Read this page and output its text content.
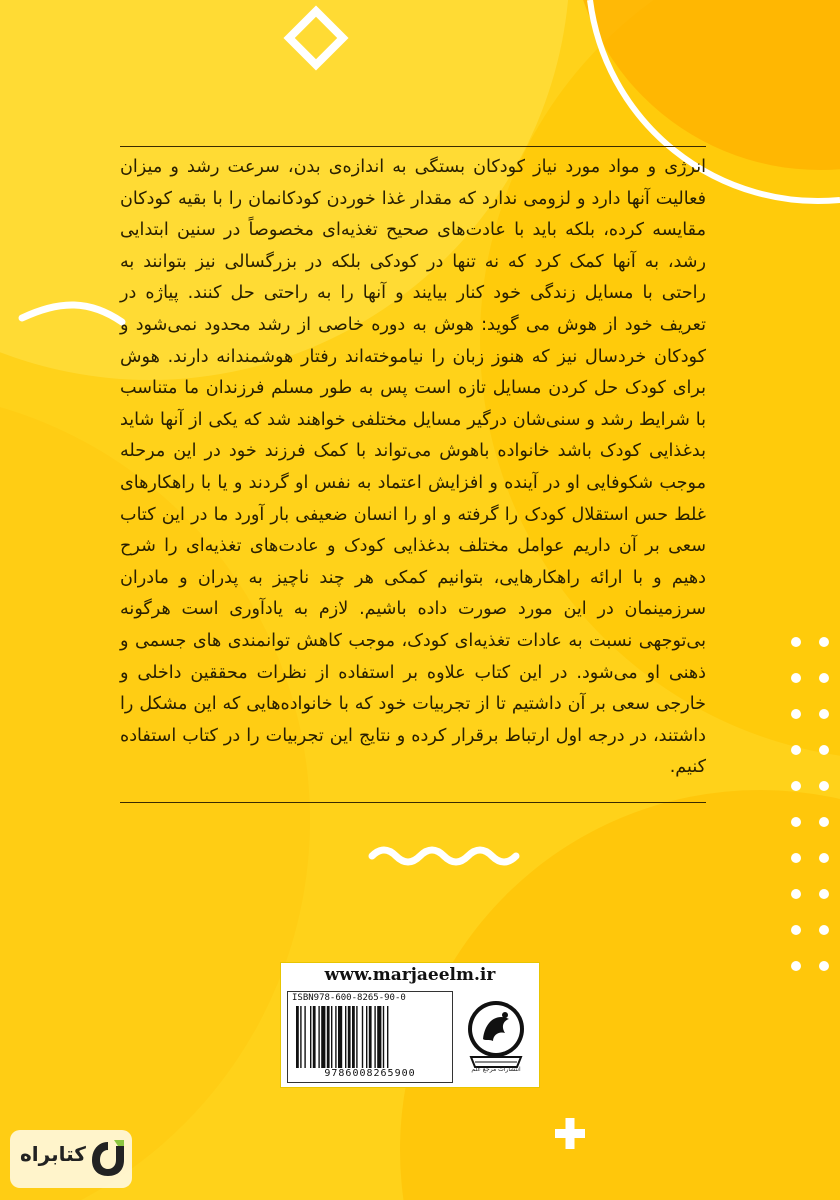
انرژی و مواد مورد نیاز کودکان بستگی به اندازه‌ی بدن، سرعت رشد و میزان فعالیت آنها دارد و لزومی ندارد که مقدار غذا خوردن کودکانمان را با بقیه کودکان مقایسه کرده، بلکه باید با عادت‌های صحیح تغذیه‌ای مخصوصاً در سنین ابتدایی رشد، به آنها کمک کرد که نه تنها در کودکی بلکه در بزرگسالی نیز بتوانند به راحتی با مسایل زندگی خود کنار بیایند و آنها را به راحتی حل کنند. پیاژه در تعریف خود از هوش می گوید: هوش به دوره خاصی از رشد محدود نمی‌شود و کودکان خردسال نیز که هنوز زبان را نیاموخته‌اند رفتار هوشمندانه دارند. هوش برای کودک حل کردن مسایل تازه است پس به طور مسلم فرزندان ما متناسب با شرایط رشد و سنی‌شان درگیر مسایل مختلفی خواهند شد که یکی از آنها شاید بدغذایی کودک باشد خانواده باهوش می‌تواند با کمک فرزند خود در این مرحله موجب شکوفایی او در آینده و افزایش اعتماد به نفس او گردند و یا با راهکارهای غلط حس استقلال کودک را گرفته و او را انسان ضعیفی بار آورد ما در این کتاب سعی بر آن داریم عوامل مختلف بدغذایی کودک و عادت‌های تغذیه‌ای را شرح دهیم و با ارائه راهکارهایی، بتوانیم کمکی هر چند ناچیز به پدران و مادران سرزمینمان در این مورد صورت داده باشیم. لازم به یادآوری است هرگونه بی‌توجهی نسبت به عادات تغذیه‌ای کودک، موجب کاهش توانمندی های جسمی و ذهنی او می‌شود. در این کتاب علاوه بر استفاده از نظرات محققین داخلی و خارجی سعی بر آن داشتیم تا از تجربیات خود که با خانواده‌هایی که این مشکل را داشتند، در درجه اول ارتباط برقرار کرده و نتایج این تجربیات را در کتاب استفاده کنیم.

www.marjaeelm.ir
ISBN978-600-8265-90-0
9786008265900	انتشارات مرجع علم
کتابراه
